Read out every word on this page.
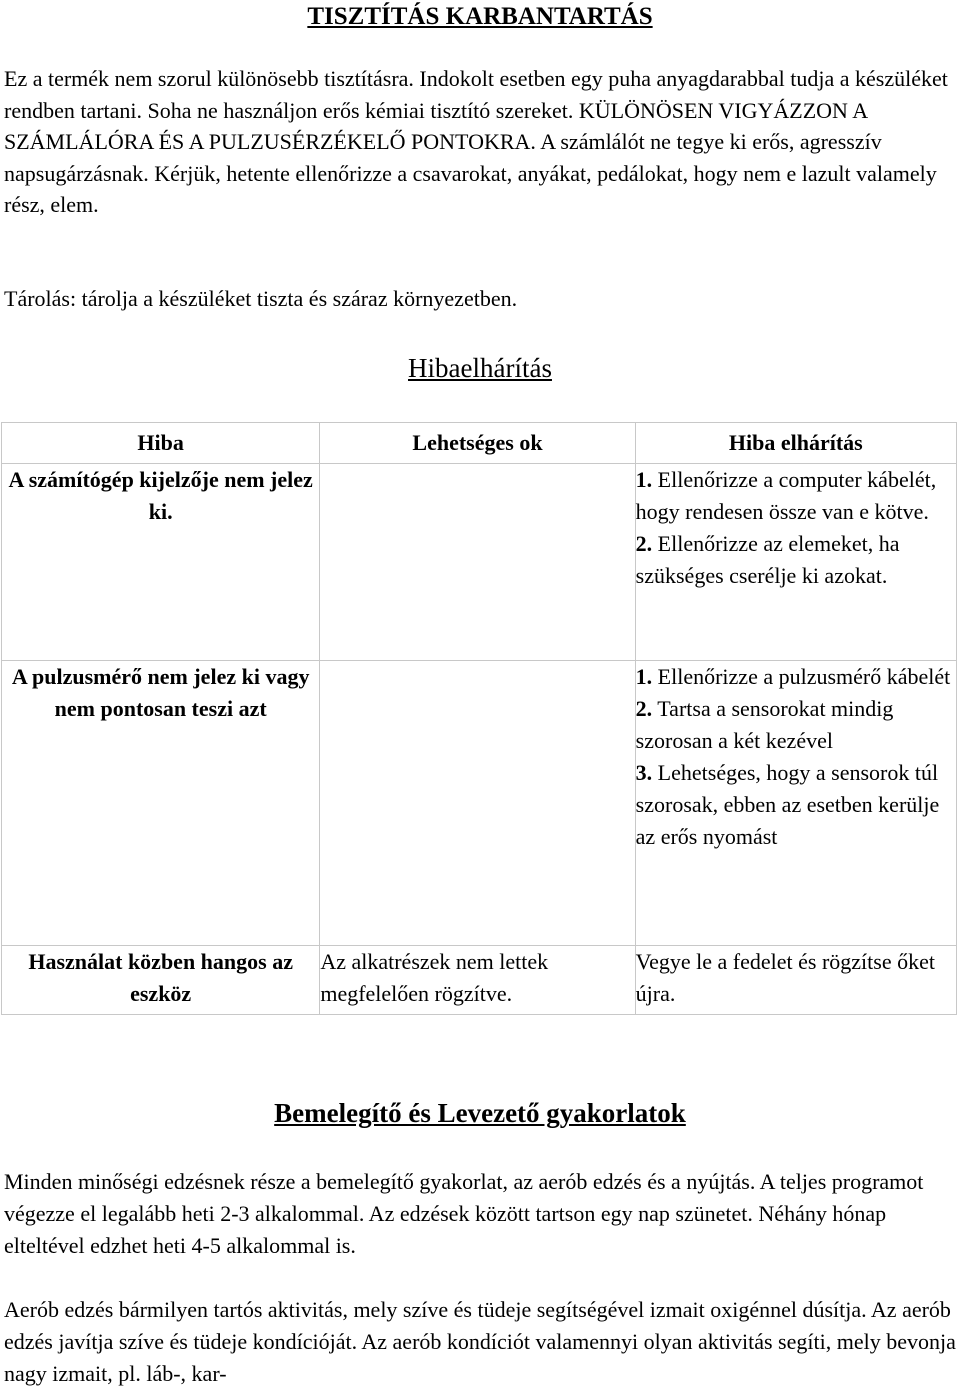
TISZTÍTÁS KARBANTARTÁS
Ez a termék nem szorul különösebb tisztításra. Indokolt esetben egy puha anyagdarabbal tudja a készüléket rendben tartani. Soha ne használjon erős kémiai tisztító szereket. KÜLÖNÖSEN VIGYÁZZON A SZÁMLÁLÓRA ÉS A PULZUSÉRZÉKELŐ PONTOKRA. A számlálót ne tegye ki erős, agresszív napsugárzásnak. Kérjük, hetente ellenőrizze a csavarokat, anyákat, pedálokat, hogy nem e lazult valamely rész, elem.
Tárolás: tárolja a készüléket tiszta és száraz környezetben.
Hibaelhárítás
Hiba	Lehetséges ok	Hiba elhárítás
A számítógép kijelzője nem jelez ki.		1. Ellenőrizze a computer kábelét, hogy rendesen össze van e kötve.
2. Ellenőrizze az elemeket, ha szükséges cserélje ki azokat.

A pulzusmérő nem jelez ki vagy nem pontosan teszi azt		1. Ellenőrizze a pulzusmérő kábelét
2. Tartsa a sensorokat mindig szorosan a két kezével
3. Lehetséges, hogy a sensorok túl szorosak, ebben az esetben kerülje az erős nyomást

Használat közben hangos az eszköz	Az alkatrészek nem lettek megfelelően rögzítve.	Vegye le a fedelet és rögzítse őket újra.
Bemelegítő és Levezető gyakorlatok
Minden minőségi edzésnek része a bemelegítő gyakorlat, az aerób edzés és a nyújtás. A teljes programot végezze el legalább heti 2-3 alkalommal. Az edzések között tartson egy nap szünetet. Néhány hónap elteltével edzhet heti 4-5 alkalommal is.
Aerób edzés bármilyen tartós aktivitás, mely szíve és tüdeje segítségével izmait oxigénnel dúsítja. Az aerób edzés javítja szíve és tüdeje kondícióját. Az aerób kondíciót valamennyi olyan aktivitás segíti, mely bevonja nagy izmait, pl. láb-, kar-
